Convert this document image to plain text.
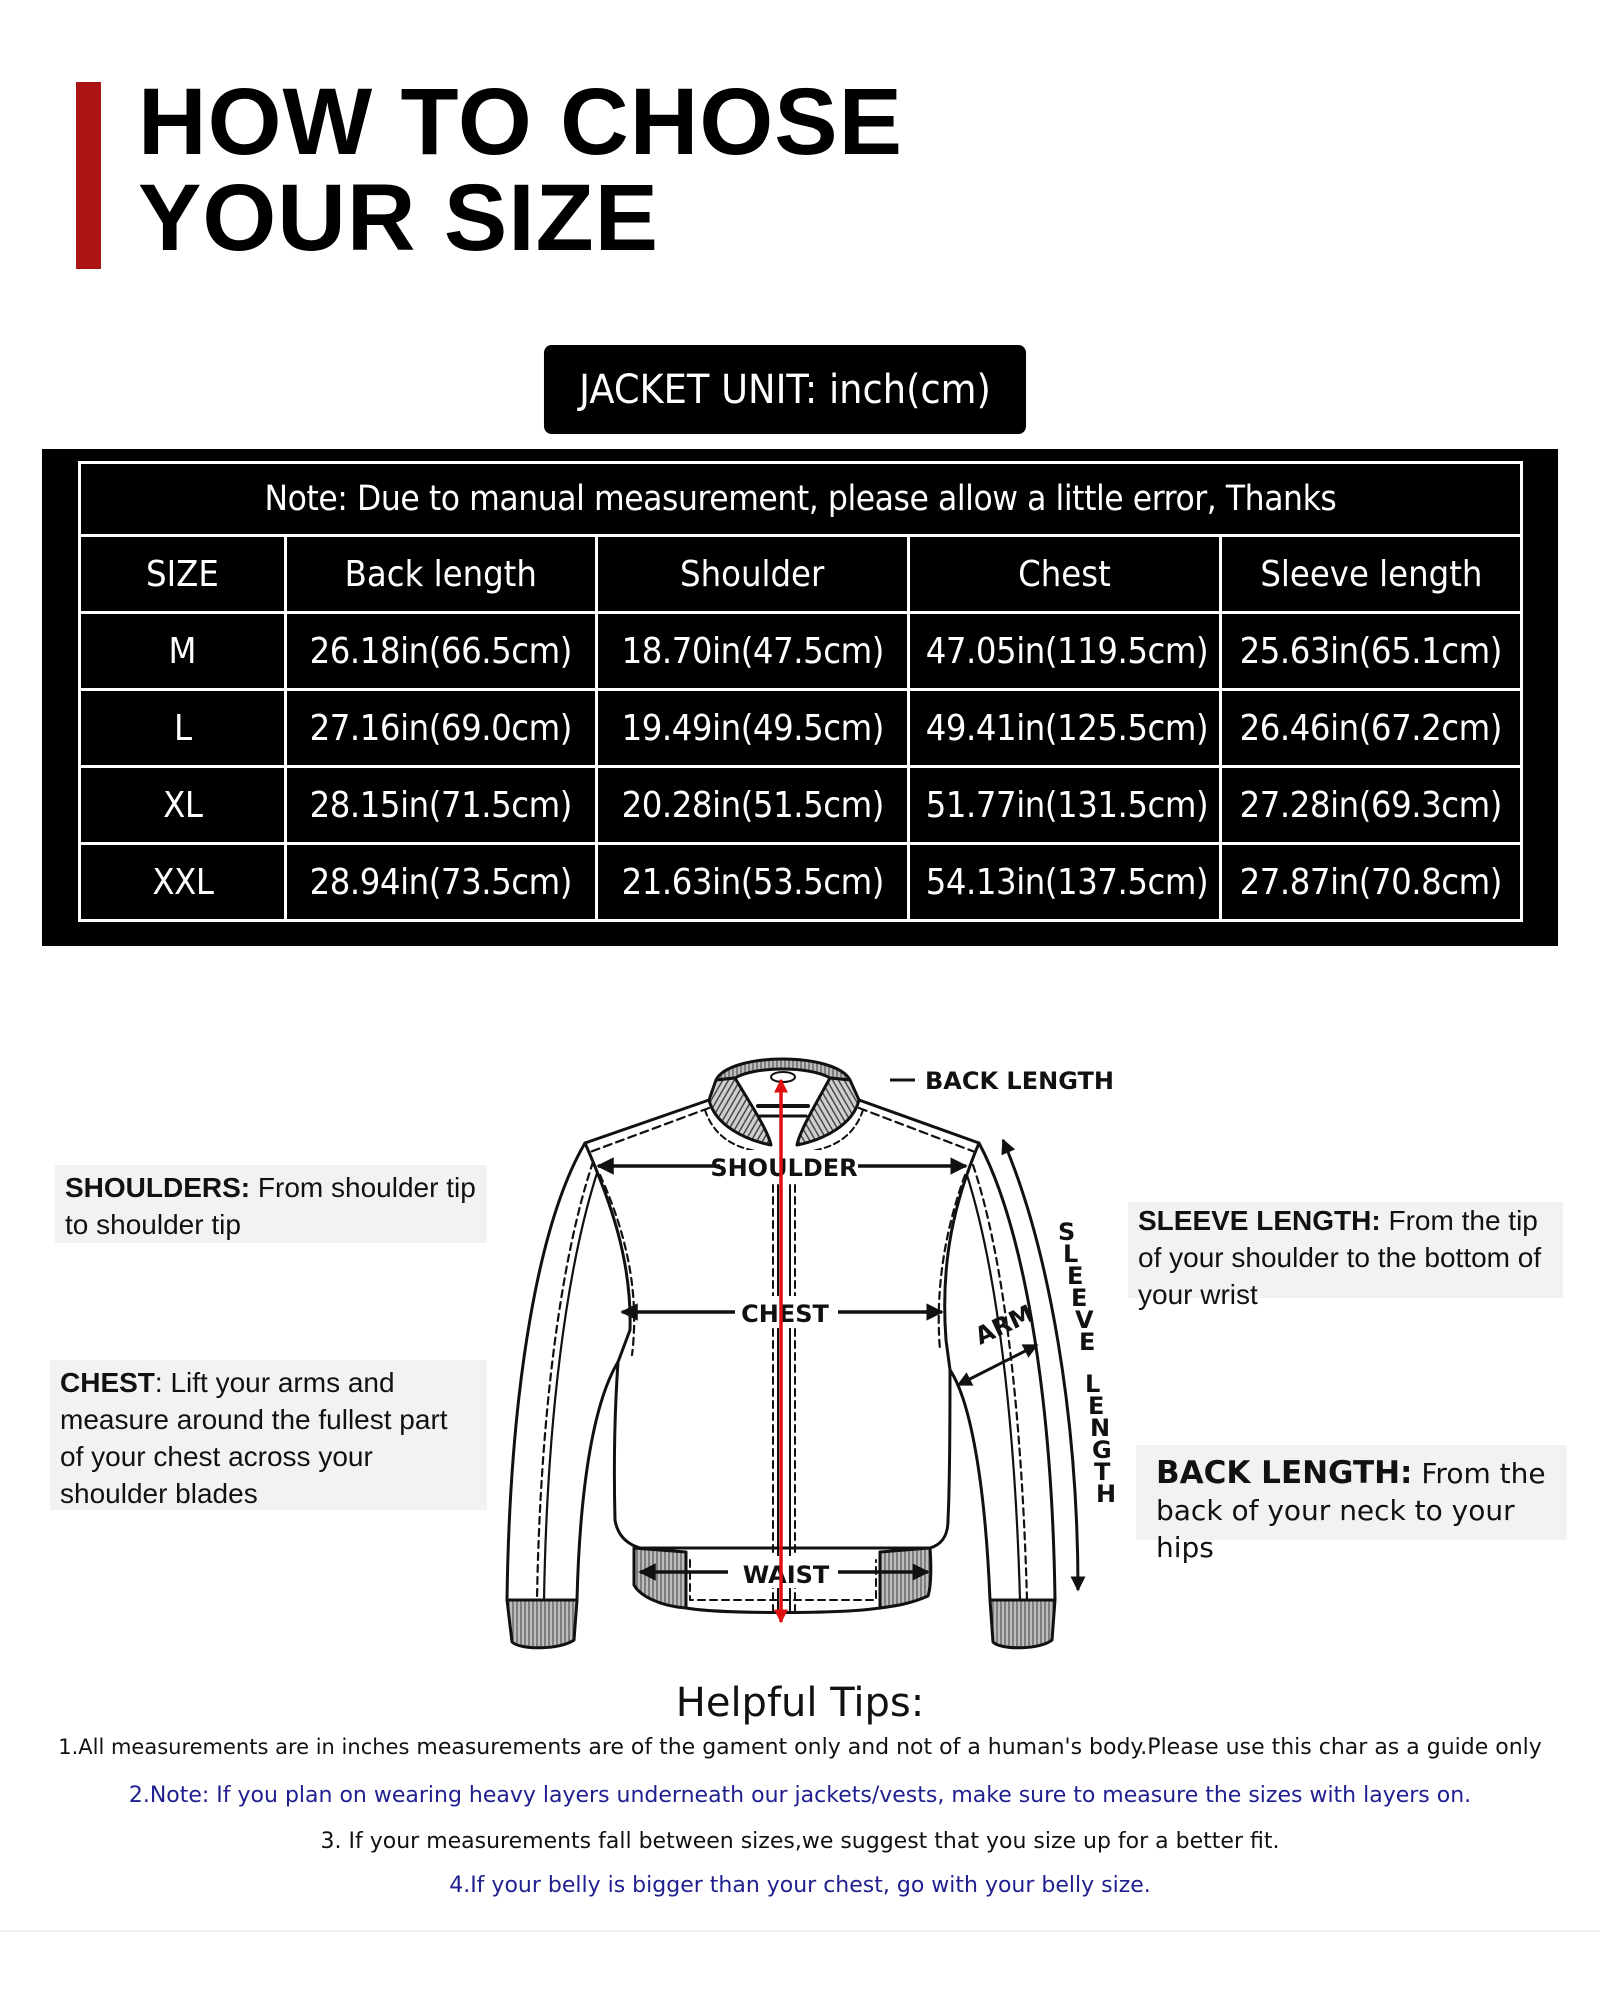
HOW TO CHOSE
YOUR SIZE
JACKET UNIT: inch(cm)
Note: Due to manual measurement, please allow a little error, Thanks				
SIZE	Back length	Shoulder	Chest	Sleeve length
M	26.18in(66.5cm)	18.70in(47.5cm)	47.05in(119.5cm)	25.63in(65.1cm)
L	27.16in(69.0cm)	19.49in(49.5cm)	49.41in(125.5cm)	26.46in(67.2cm)
XL	28.15in(71.5cm)	20.28in(51.5cm)	51.77in(131.5cm)	27.28in(69.3cm)
XXL	28.94in(73.5cm)	21.63in(53.5cm)	54.13in(137.5cm)	27.87in(70.8cm)
BACK LENGTH
SHOULDER
CHEST
WAIST
ARM
S
L
E
E
V
E
L
E
N
G
T
H
SHOULDERS: From shoulder tip to shoulder tip
CHEST: Lift your arms and measure around the fullest part of your chest across your shoulder blades
SLEEVE LENGTH: From the tip of your shoulder to the bottom of your wrist
BACK LENGTH: From the back of your neck to your hips
Helpful Tips:
1.All measurements are in inches measurements are of the gament only and not of a human's body.Please use this char as a guide only
2.Note: If you plan on wearing heavy layers underneath our jackets/vests, make sure to measure the sizes with layers on.
3. If your measurements fall between sizes,we suggest that you size up for a better fit.
4.If your belly is bigger than your chest, go with your belly size.
